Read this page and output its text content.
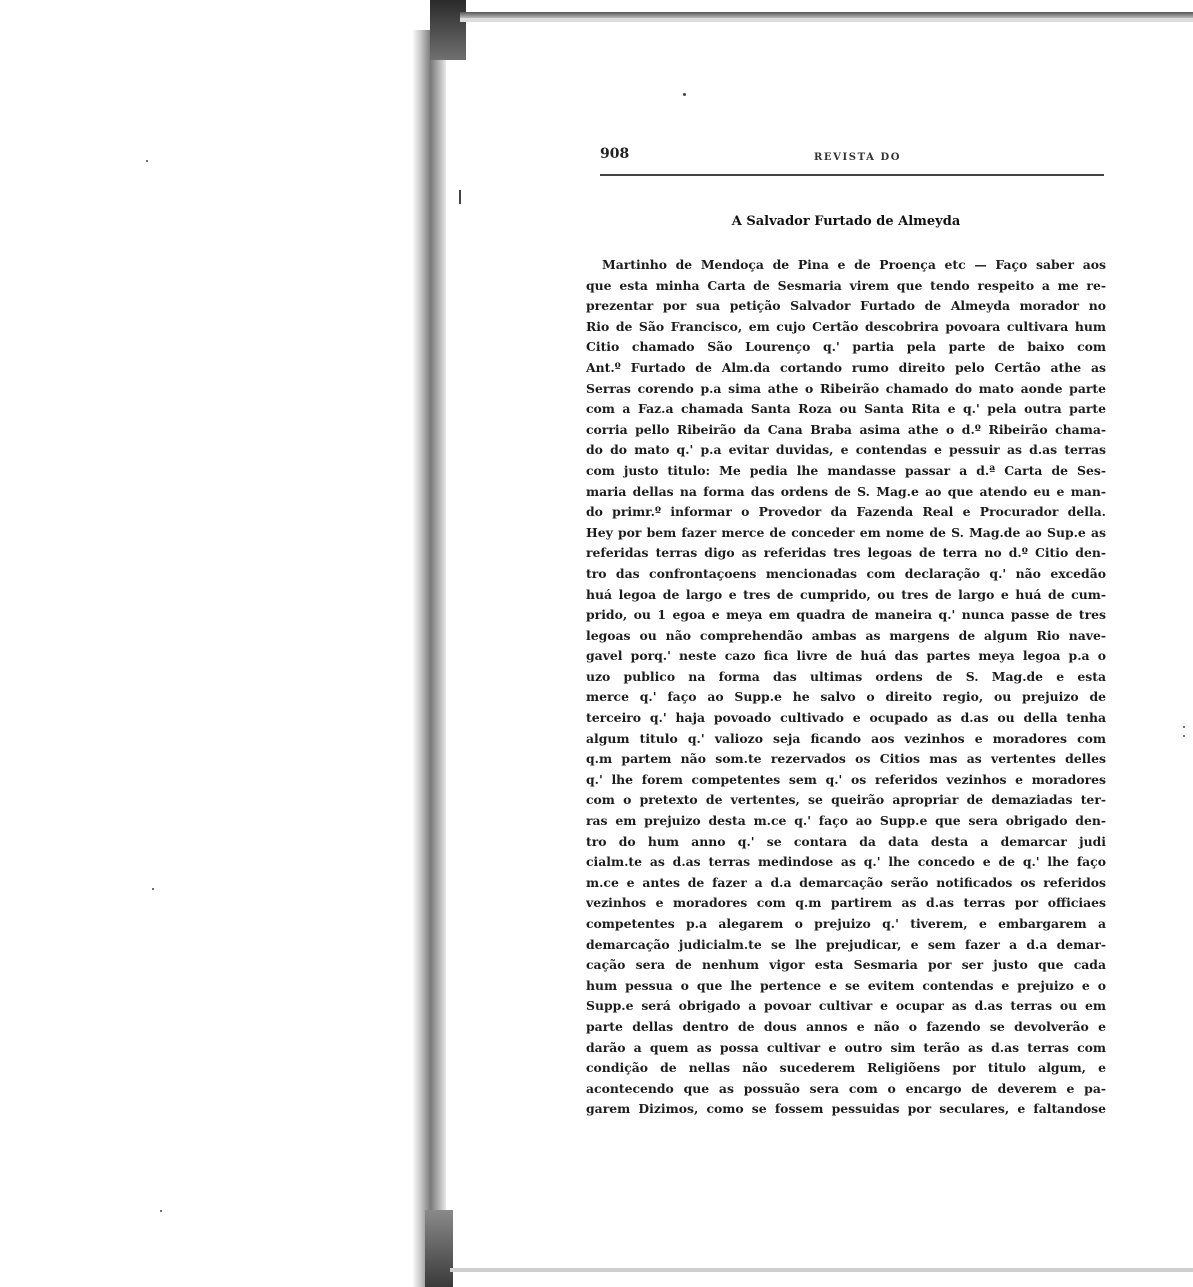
908	REVISTA DO
A Salvador Furtado de Almeyda
Martinho de Mendoça de Pina e de Proença etc — Faço saber aos
que esta minha Carta de Sesmaria virem que tendo respeito a me re-
prezentar por sua petição Salvador Furtado de Almeyda morador no
Rio de São Francisco, em cujo Certão descobrira povoara cultivara hum
Citio chamado São Lourenço q.' partia pela parte de baixo com
Ant.º Furtado de Alm.da cortando rumo direito pelo Certão athe as
Serras corendo p.a sima athe o Ribeirão chamado do mato aonde parte
com a Faz.a chamada Santa Roza ou Santa Rita e q.' pela outra parte
corria pello Ribeirão da Cana Braba asima athe o d.º Ribeirão chama-
do do mato q.' p.a evitar duvidas, e contendas e pessuir as d.as terras
com justo titulo: Me pedia lhe mandasse passar a d.ª Carta de Ses-
maria dellas na forma das ordens de S. Mag.e ao que atendo eu e man-
do primr.º informar o Provedor da Fazenda Real e Procurador della.
Hey por bem fazer merce de conceder em nome de S. Mag.de ao Sup.e as
referidas terras digo as referidas tres legoas de terra no d.º Citio den-
tro das confrontaçoens mencionadas com declaração q.' não excedão
huá legoa de largo e tres de cumprido, ou tres de largo e huá de cum-
prido, ou 1 egoa e meya em quadra de maneira q.' nunca passe de tres
legoas ou não comprehendão ambas as margens de algum Rio nave-
gavel porq.' neste cazo fica livre de huá das partes meya legoa p.a o
uzo publico na forma das ultimas ordens de S. Mag.de e esta
merce q.' faço ao Supp.e he salvo o direito regio, ou prejuizo de
terceiro q.' haja povoado cultivado e ocupado as d.as ou della tenha
algum titulo q.' valiozo seja ficando aos vezinhos e moradores com
q.m partem não som.te rezervados os Citios mas as vertentes delles
q.' lhe forem competentes sem q.' os referidos vezinhos e moradores
com o pretexto de vertentes, se queirão apropriar de demaziadas ter-
ras em prejuizo desta m.ce q.' faço ao Supp.e que sera obrigado den-
tro do hum anno q.' se contara da data desta a demarcar judi
cialm.te as d.as terras medindose as q.' lhe concedo e de q.' lhe faço
m.ce e antes de fazer a d.a demarcação serão notificados os referidos
vezinhos e moradores com q.m partirem as d.as terras por officiaes
competentes p.a alegarem o prejuizo q.' tiverem, e embargarem a
demarcação judicialm.te se lhe prejudicar, e sem fazer a d.a demar-
cação sera de nenhum vigor esta Sesmaria por ser justo que cada
hum pessua o que lhe pertence e se evitem contendas e prejuizo e o
Supp.e será obrigado a povoar cultivar e ocupar as d.as terras ou em
parte dellas dentro de dous annos e não o fazendo se devolverão e
darão a quem as possa cultivar e outro sim terão as d.as terras com
condição de nellas não sucederem Religiõens por titulo algum, e
acontecendo que as possuão sera com o encargo de deverem e pa-
garem Dizimos, como se fossem pessuidas por seculares, e faltandose
